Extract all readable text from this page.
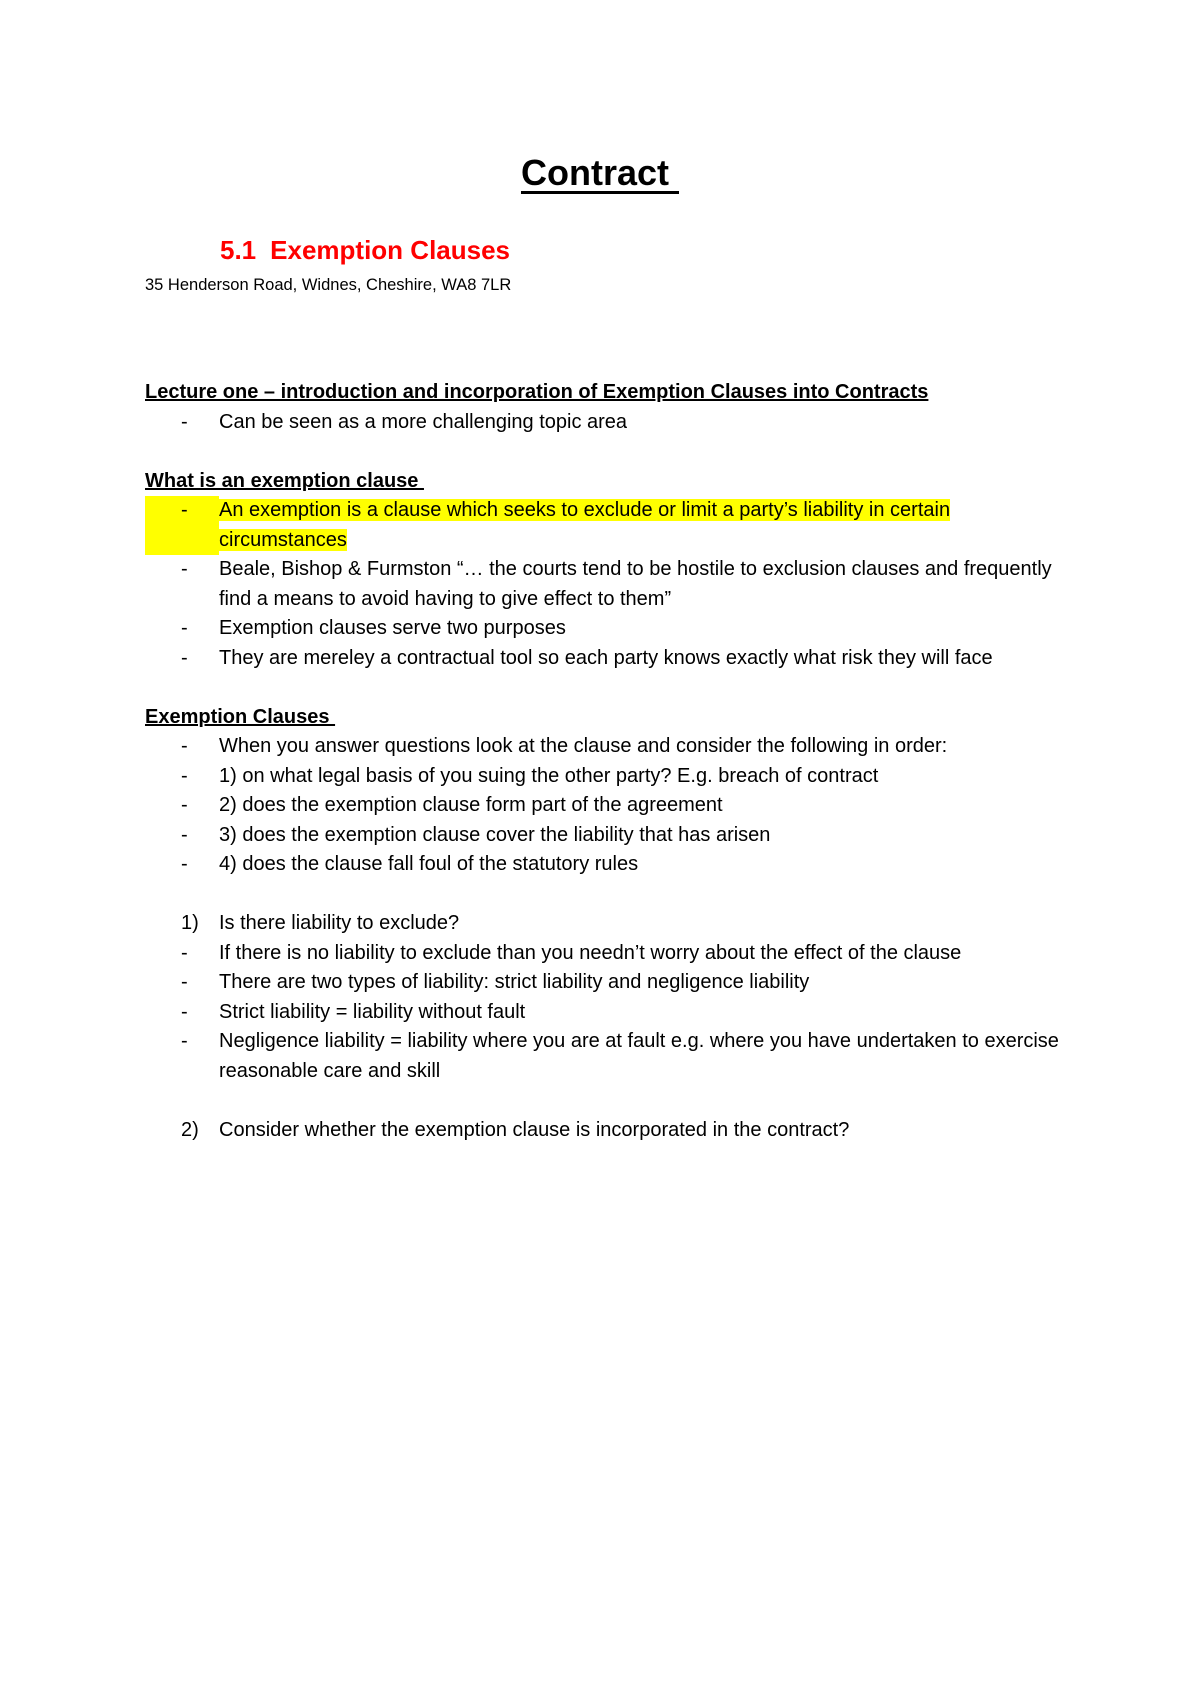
Contract
5.1 Exemption Clauses
35 Henderson Road, Widnes, Cheshire, WA8 7LR
Lecture one – introduction and incorporation of Exemption Clauses into Contracts
-	Can be seen as a more challenging topic area
What is an exemption clause
-	An exemption is a clause which seeks to exclude or limit a party’s liability in certain circumstances
-	Beale, Bishop & Furmston “… the courts tend to be hostile to exclusion clauses and frequently find a means to avoid having to give effect to them”
-	Exemption clauses serve two purposes
-	They are mereley a contractual tool so each party knows exactly what risk they will face
Exemption Clauses
-	When you answer questions look at the clause and consider the following in order:
-	1) on what legal basis of you suing the other party? E.g. breach of contract
-	2) does the exemption clause form part of the agreement
-	3) does the exemption clause cover the liability that has arisen
-	4) does the clause fall foul of the statutory rules
1)	Is there liability to exclude?
-	If there is no liability to exclude than you needn’t worry about the effect of the clause
-	There are two types of liability: strict liability and negligence liability
-	Strict liability = liability without fault
-	Negligence liability = liability where you are at fault e.g. where you have undertaken to exercise reasonable care and skill
2)	Consider whether the exemption clause is incorporated in the contract?
